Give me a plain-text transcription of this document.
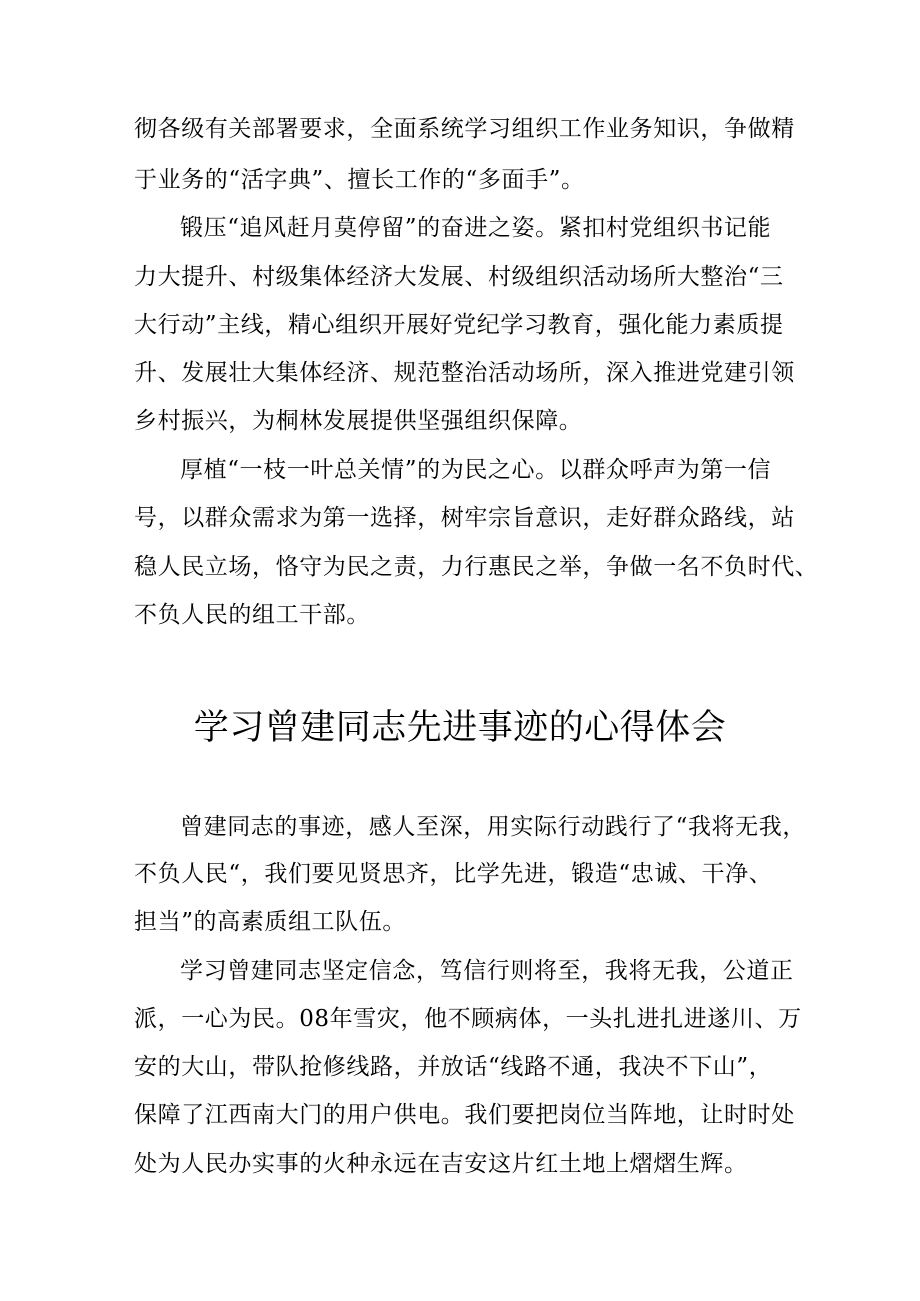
彻各级有关部署要求，全面系统学习组织工作业务知识，争做精
于业务的“活字典”、擅长工作的“多面手”。
锻压“追风赶月莫停留”的奋进之姿。紧扣村党组织书记能
力大提升、村级集体经济大发展、村级组织活动场所大整治“三
大行动”主线，精心组织开展好党纪学习教育，强化能力素质提
升、发展壮大集体经济、规范整治活动场所，深入推进党建引领
乡村振兴，为桐林发展提供坚强组织保障。
厚植“一枝一叶总关情”的为民之心。以群众呼声为第一信
号，以群众需求为第一选择，树牢宗旨意识，走好群众路线，站
稳人民立场，恪守为民之责，力行惠民之举，争做一名不负时代、
不负人民的组工干部。
学习曾建同志先进事迹的心得体会
曾建同志的事迹，感人至深，用实际行动践行了“我将无我，
不负人民“，我们要见贤思齐，比学先进，锻造“忠诚、干净、
担当”的高素质组工队伍。
学习曾建同志坚定信念，笃信行则将至，我将无我，公道正
派，一心为民。08年雪灾，他不顾病体，一头扎进扎进遂川、万
安的大山，带队抢修线路，并放话“线路不通，我决不下山”，
保障了江西南大门的用户供电。我们要把岗位当阵地，让时时处
处为人民办实事的火种永远在吉安这片红土地上熠熠生辉。
